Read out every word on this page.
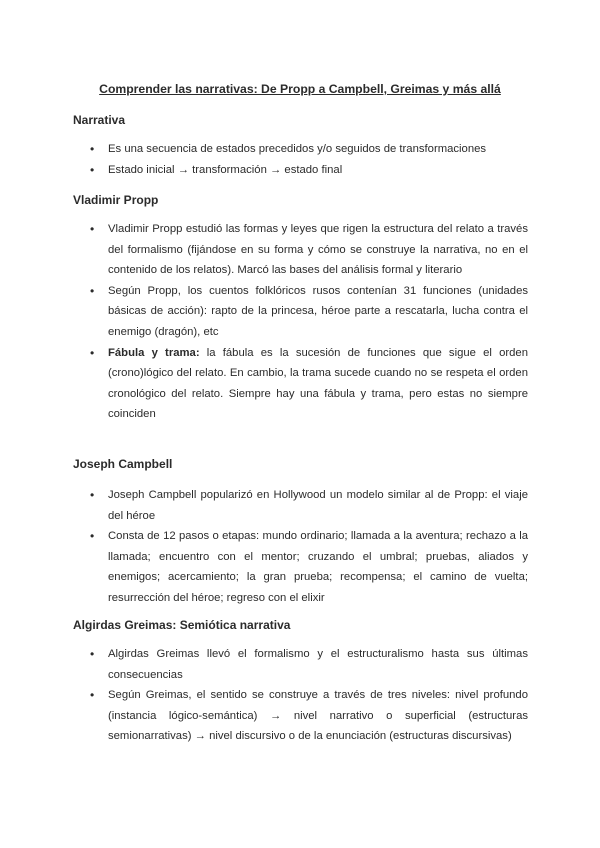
Comprender las narrativas: De Propp a Campbell, Greimas y más allá
Narrativa
• Es una secuencia de estados precedidos y/o seguidos de transformaciones
• Estado inicial → transformación → estado final
Vladimir Propp
• Vladimir Propp estudió las formas y leyes que rigen la estructura del relato a través del formalismo (fijándose en su forma y cómo se construye la narrativa, no en el contenido de los relatos). Marcó las bases del análisis formal y literario
• Según Propp, los cuentos folklóricos rusos contenían 31 funciones (unidades básicas de acción): rapto de la princesa, héroe parte a rescatarla, lucha contra el enemigo (dragón), etc
• Fábula y trama: la fábula es la sucesión de funciones que sigue el orden (crono)lógico del relato. En cambio, la trama sucede cuando no se respeta el orden cronológico del relato. Siempre hay una fábula y trama, pero estas no siempre coinciden
Joseph Campbell
• Joseph Campbell popularizó en Hollywood un modelo similar al de Propp: el viaje del héroe
• Consta de 12 pasos o etapas: mundo ordinario; llamada a la aventura; rechazo a la llamada; encuentro con el mentor; cruzando el umbral; pruebas, aliados y enemigos; acercamiento; la gran prueba; recompensa; el camino de vuelta; resurrección del héroe; regreso con el elixir
Algirdas Greimas: Semiótica narrativa
• Algirdas Greimas llevó el formalismo y el estructuralismo hasta sus últimas consecuencias
• Según Greimas, el sentido se construye a través de tres niveles: nivel profundo (instancia lógico-semántica) → nivel narrativo o superficial (estructuras semionarrativas) → nivel discursivo o de la enunciación (estructuras discursivas)
